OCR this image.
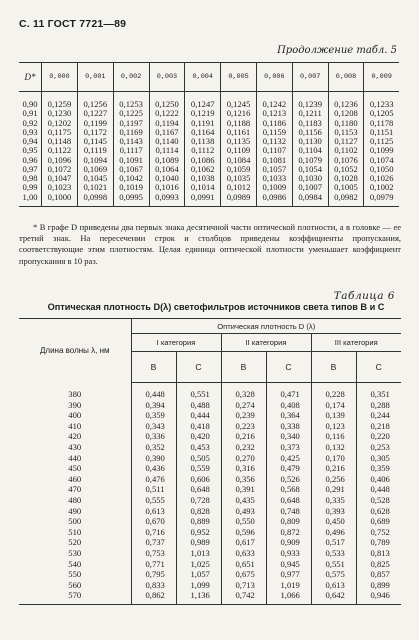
С. 11 ГОСТ 7721—89
Продолжение табл. 5
D*	0,000	0,001	0,002	0,003	0,004	0,005	0,006	0,007	0,008	0,009
0,90	0,1259	0,1256	0,1253	0,1250	0,1247	0,1245	0,1242	0,1239	0,1236	0,1233
0,91	0,1230	0,1227	0,1225	0,1222	0,1219	0,1216	0,1213	0,1211	0,1208	0,1205
0,92	0,1202	0,1199	0,1197	0,1194	0,1191	0,1188	0,1186	0,1183	0,1180	0,1178
0,93	0,1175	0,1172	0,1169	0,1167	0,1164	0,1161	0,1159	0,1156	0,1153	0,1151
0,94	0,1148	0,1145	0,1143	0,1140	0,1138	0,1135	0,1132	0,1130	0,1127	0,1125
0,95	0,1122	0,1119	0,1117	0,1114	0,1112	0,1109	0,1107	0,1104	0,1102	0,1099
0,96	0,1096	0,1094	0,1091	0,1089	0,1086	0,1084	0,1081	0,1079	0,1076	0,1074
0,97	0,1072	0,1069	0,1067	0,1064	0,1062	0,1059	0,1057	0,1054	0,1052	0,1050
0,98	0,1047	0,1045	0,1042	0,1040	0,1038	0,1035	0,1033	0,1030	0,1028	0,1026
0,99	0,1023	0,1021	0,1019	0,1016	0,1014	0,1012	0,1009	0,1007	0,1005	0,1002
1,00	0,1000	0,0998	0,0995	0,0993	0,0991	0,0989	0,0986	0,0984	0,0982	0,0979

* В графе D приведены два первых знака десятичной части оптической плотности, а в головке — ее третий знак. На пересечении строк и столбцов приведены коэффициенты пропускания, соответствующие этим плотностям. Целая единица оптической плотности уменьшает коэффициент пропускания в 10 раз.

Таблица 6
Оптическая плотность D(λ) светофильтров источников света типов В и С
Длина волны λ, нм	Оптическая плотность D (λ)					
	I категория		II категория		III категория	
	B	C	B	C	B	C
380	0,448	0,551	0,328	0,471	0,228	0,351
390	0,394	0,488	0,274	0,408	0,174	0,288
400	0,359	0,444	0,239	0,364	0,139	0,244
410	0,343	0,418	0,223	0,338	0,123	0,218
420	0,336	0,420	0,216	0,340	0,116	0,220
430	0,352	0,453	0,232	0,373	0,132	0,253
440	0,390	0,505	0,270	0,425	0,170	0,305
450	0,436	0,559	0,316	0,479	0,216	0,359
460	0,476	0,606	0,356	0,526	0,256	0,406
470	0,511	0,648	0,391	0,568	0,291	0,448
480	0,555	0,728	0,435	0,648	0,335	0,528
490	0,613	0,828	0,493	0,748	0,393	0,628
500	0,670	0,889	0,550	0,809	0,450	0,689
510	0,716	0,952	0,596	0,872	0,496	0,752
520	0,737	0,989	0,617	0,909	0,517	0,789
530	0,753	1,013	0,633	0,933	0,533	0,813
540	0,771	1,025	0,651	0,945	0,551	0,825
550	0,795	1,057	0,675	0,977	0,575	0,857
560	0,833	1,099	0,713	1,019	0,613	0,899
570	0,862	1,136	0,742	1,066	0,642	0,946
